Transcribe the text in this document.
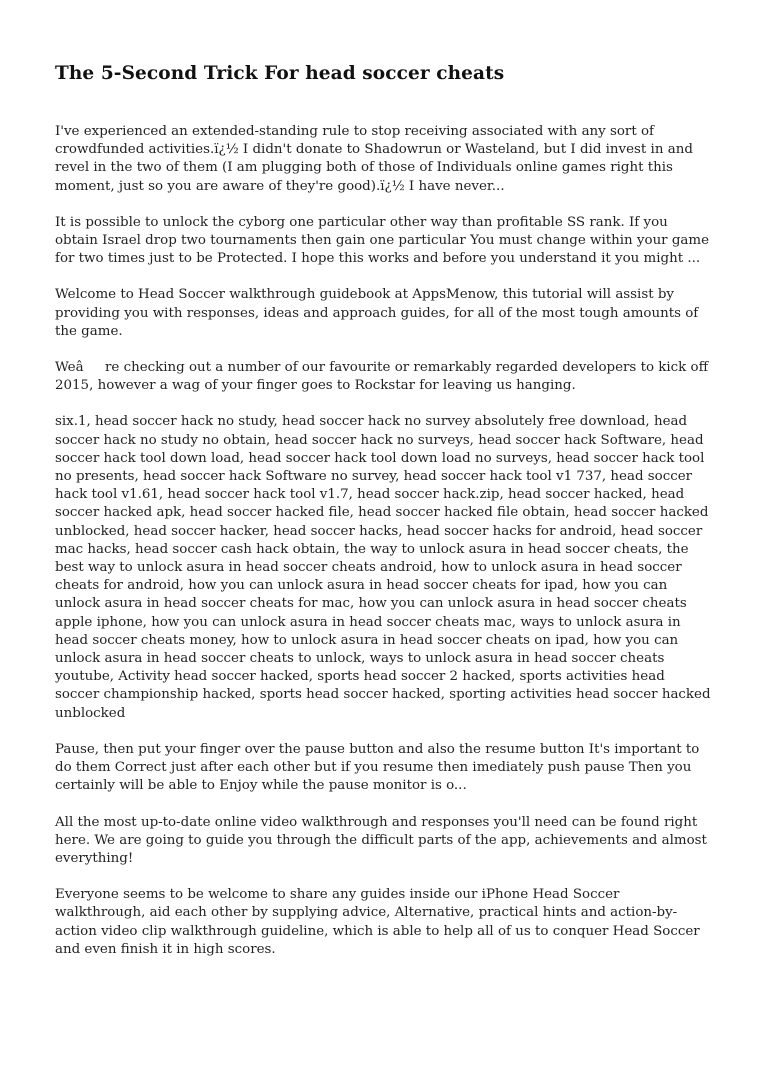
The 5-Second Trick For head soccer cheats

I've experienced an extended-standing rule to stop receiving associated with any sort of crowdfunded activities.ï¿½ I didn't donate to Shadowrun or Wasteland, but I did invest in and revel in the two of them (I am plugging both of those of Individuals online games right this moment, just so you are aware of they're good).ï¿½ I have never...

It is possible to unlock the cyborg one particular other way than profitable SS rank. If you obtain Israel drop two tournaments then gain one particular You must change within your game for two times just to be Protected. I hope this works and before you understand it you might ...

Welcome to Head Soccer walkthrough guidebook at AppsMenow, this tutorial will assist by providing you with responses, ideas and approach guides, for all of the most tough amounts of the game.

Weâre checking out a number of our favourite or remarkably regarded developers to kick off 2015, however a wag of your finger goes to Rockstar for leaving us hanging.

six.1, head soccer hack no study, head soccer hack no survey absolutely free download, head soccer hack no study no obtain, head soccer hack no surveys, head soccer hack Software, head soccer hack tool down load, head soccer hack tool down load no surveys, head soccer hack tool no presents, head soccer hack Software no survey, head soccer hack tool v1 737, head soccer hack tool v1.61, head soccer hack tool v1.7, head soccer hack.zip, head soccer hacked, head soccer hacked apk, head soccer hacked file, head soccer hacked file obtain, head soccer hacked unblocked, head soccer hacker, head soccer hacks, head soccer hacks for android, head soccer mac hacks, head soccer cash hack obtain, the way to unlock asura in head soccer cheats, the best way to unlock asura in head soccer cheats android, how to unlock asura in head soccer cheats for android, how you can unlock asura in head soccer cheats for ipad, how you can unlock asura in head soccer cheats for mac, how you can unlock asura in head soccer cheats apple iphone, how you can unlock asura in head soccer cheats mac, ways to unlock asura in head soccer cheats money, how to unlock asura in head soccer cheats on ipad, how you can unlock asura in head soccer cheats to unlock, ways to unlock asura in head soccer cheats youtube, Activity head soccer hacked, sports head soccer 2 hacked, sports activities head soccer championship hacked, sports head soccer hacked, sporting activities head soccer hacked unblocked

Pause, then put your finger over the pause button and also the resume button It's important to do them Correct just after each other but if you resume then imediately push pause Then you certainly will be able to Enjoy while the pause monitor is o...

All the most up-to-date online video walkthrough and responses you'll need can be found right here. We are going to guide you through the difficult parts of the app, achievements and almost everything!

Everyone seems to be welcome to share any guides inside our iPhone Head Soccer walkthrough, aid each other by supplying advice, Alternative, practical hints and action-by-action video clip walkthrough guideline, which is able to help all of us to conquer Head Soccer and even finish it in high scores.
